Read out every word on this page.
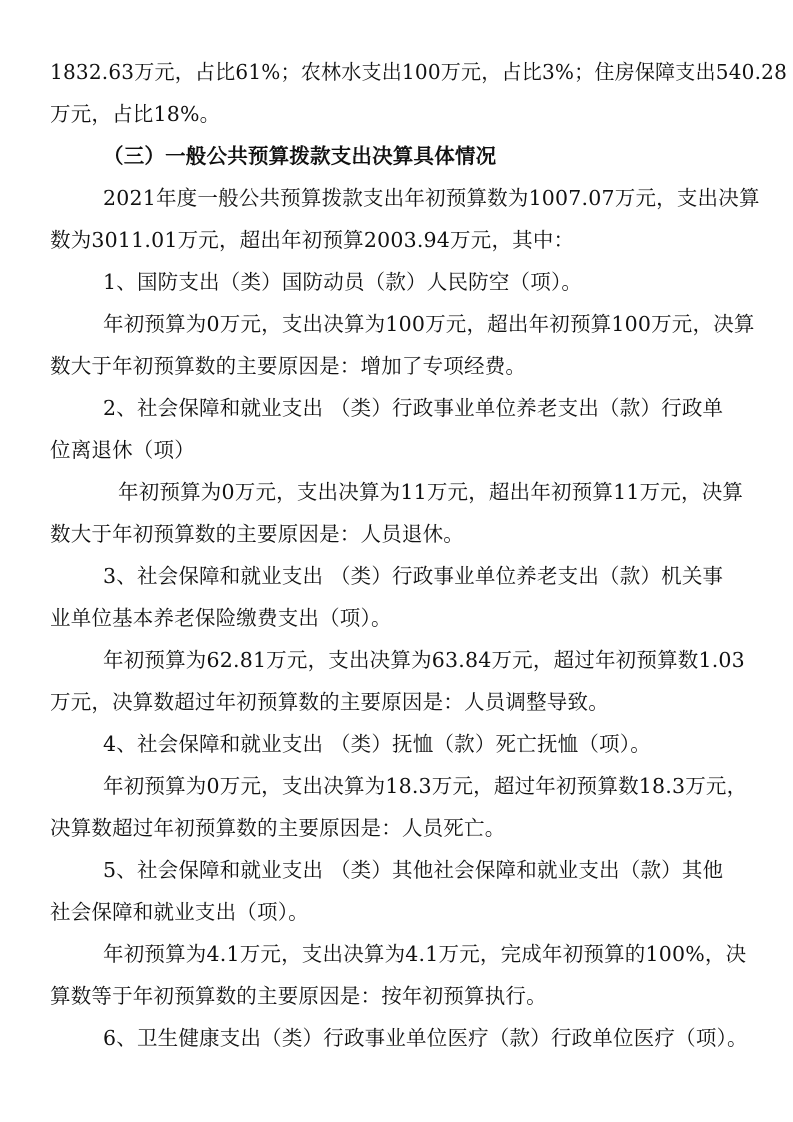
1832.63万元，占比61%；农林水支出100万元，占比3%；住房保障支出540.28
万元，占比18%。
（三）一般公共预算拨款支出决算具体情况
2021年度一般公共预算拨款支出年初预算数为1007.07万元，支出决算
数为3011.01万元，超出年初预算2003.94万元，其中：
1、国防支出（类）国防动员（款）人民防空（项）。
年初预算为0万元，支出决算为100万元，超出年初预算100万元，决算
数大于年初预算数的主要原因是：增加了专项经费。
2、社会保障和就业支出 （类）行政事业单位养老支出（款）行政单
位离退休（项）
年初预算为0万元，支出决算为11万元，超出年初预算11万元，决算
数大于年初预算数的主要原因是：人员退休。
3、社会保障和就业支出 （类）行政事业单位养老支出（款）机关事
业单位基本养老保险缴费支出（项）。
年初预算为62.81万元，支出决算为63.84万元，超过年初预算数1.03
万元，决算数超过年初预算数的主要原因是：人员调整导致。
4、社会保障和就业支出 （类）抚恤（款）死亡抚恤（项）。
年初预算为0万元，支出决算为18.3万元，超过年初预算数18.3万元，
决算数超过年初预算数的主要原因是：人员死亡。
5、社会保障和就业支出 （类）其他社会保障和就业支出（款）其他
社会保障和就业支出（项）。
年初预算为4.1万元，支出决算为4.1万元，完成年初预算的100%，决
算数等于年初预算数的主要原因是：按年初预算执行。
6、卫生健康支出（类）行政事业单位医疗（款）行政单位医疗（项）。
